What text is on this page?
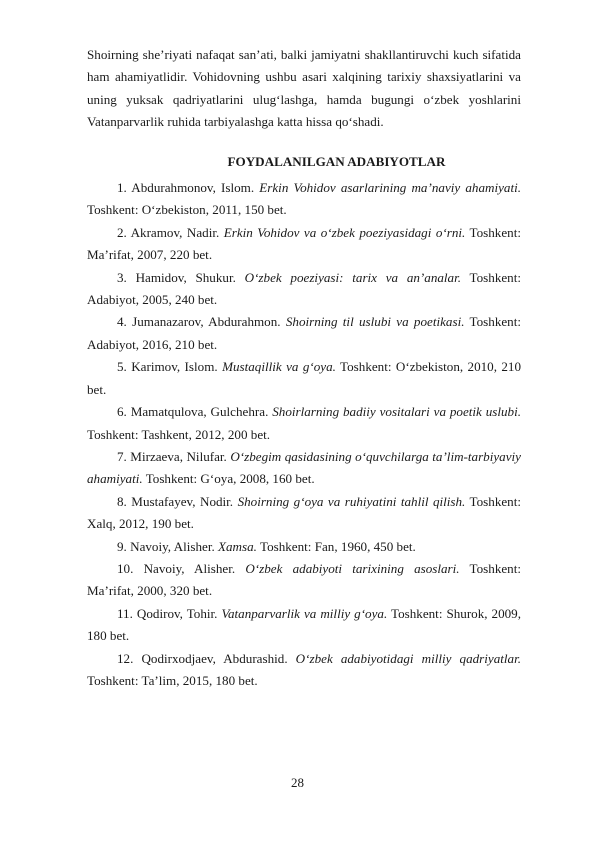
Shoirning she’riyati nafaqat san’ati, balki jamiyatni shakllantiruvchi kuch sifatida ham ahamiyatlidir. Vohidovning ushbu asari xalqining tarixiy shaxsiyatlarini va uning yuksak qadriyatlarini ulug‘lashga, hamda bugungi o‘zbek yoshlarini Vatanparvarlik ruhida tarbiyalashga katta hissa qo‘shadi.

FOYDALANILGAN ADABIYOTLAR

1. Abdurahmonov, Islom. Erkin Vohidov asarlarining ma’naviy ahamiyati. Toshkent: O‘zbekiston, 2011, 150 bet.

2. Akramov, Nadir. Erkin Vohidov va o‘zbek poeziyasidagi o‘rni. Toshkent: Ma’rifat, 2007, 220 bet.

3. Hamidov, Shukur. O‘zbek poeziyasi: tarix va an’analar. Toshkent: Adabiyot, 2005, 240 bet.

4. Jumanazarov, Abdurahmon. Shoirning til uslubi va poetikasi. Toshkent: Adabiyot, 2016, 210 bet.

5. Karimov, Islom. Mustaqillik va g‘oya. Toshkent: O‘zbekiston, 2010, 210 bet.

6. Mamatqulova, Gulchehra. Shoirlarning badiiy vositalari va poetik uslubi. Toshkent: Tashkent, 2012, 200 bet.

7. Mirzaeva, Nilufar. O‘zbegim qasidasining o‘quvchilarga ta’lim-tarbiyaviy ahamiyati. Toshkent: G‘oya, 2008, 160 bet.

8. Mustafayev, Nodir. Shoirning g‘oya va ruhiyatini tahlil qilish. Toshkent: Xalq, 2012, 190 bet.

9. Navoiy, Alisher. Xamsa. Toshkent: Fan, 1960, 450 bet.

10. Navoiy, Alisher. O‘zbek adabiyoti tarixining asoslari. Toshkent: Ma’rifat, 2000, 320 bet.

11. Qodirov, Tohir. Vatanparvarlik va milliy g‘oya. Toshkent: Shurok, 2009, 180 bet.

12. Qodirxodjaev, Abdurashid. O‘zbek adabiyotidagi milliy qadriyatlar. Toshkent: Ta’lim, 2015, 180 bet.

28
